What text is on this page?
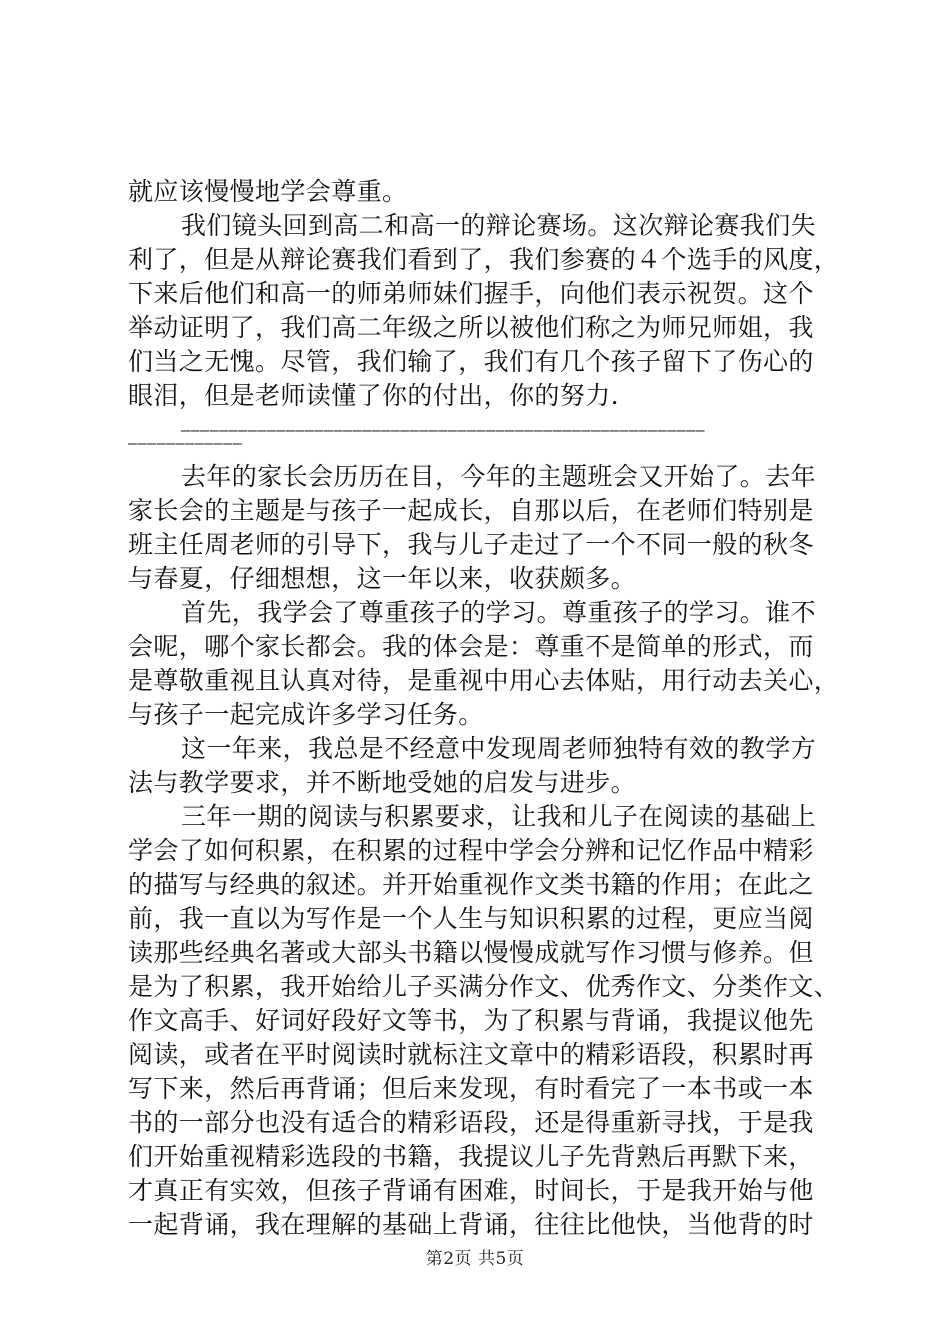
就应该慢慢地学会尊重。
我们镜头回到高二和高一的辩论赛场。这次辩论赛我们失
利了，但是从辩论赛我们看到了，我们参赛的４个选手的风度，
下来后他们和高一的师弟师妹们握手，向他们表示祝贺。这个
举动证明了，我们高二年级之所以被他们称之为师兄师姐，我
们当之无愧。尽管，我们输了，我们有几个孩子留下了伤心的
眼泪，但是老师读懂了你的付出，你的努力.
———————————————————————————————————————————————————————
————————————
去年的家长会历历在目，今年的主题班会又开始了。去年
家长会的主题是与孩子一起成长，自那以后，在老师们特别是
班主任周老师的引导下，我与儿子走过了一个不同一般的秋冬
与春夏，仔细想想，这一年以来，收获颇多。
首先，我学会了尊重孩子的学习。尊重孩子的学习。谁不
会呢，哪个家长都会。我的体会是：尊重不是简单的形式，而
是尊敬重视且认真对待，是重视中用心去体贴，用行动去关心，
与孩子一起完成许多学习任务。
这一年来，我总是不经意中发现周老师独特有效的教学方
法与教学要求，并不断地受她的启发与进步。
三年一期的阅读与积累要求，让我和儿子在阅读的基础上
学会了如何积累，在积累的过程中学会分辨和记忆作品中精彩
的描写与经典的叙述。并开始重视作文类书籍的作用；在此之
前，我一直以为写作是一个人生与知识积累的过程，更应当阅
读那些经典名著或大部头书籍以慢慢成就写作习惯与修养。但
是为了积累，我开始给儿子买满分作文、优秀作文、分类作文、
作文高手、好词好段好文等书，为了积累与背诵，我提议他先
阅读，或者在平时阅读时就标注文章中的精彩语段，积累时再
写下来，然后再背诵；但后来发现，有时看完了一本书或一本
书的一部分也没有适合的精彩语段，还是得重新寻找，于是我
们开始重视精彩选段的书籍，我提议儿子先背熟后再默下来，
才真正有实效，但孩子背诵有困难，时间长，于是我开始与他
一起背诵，我在理解的基础上背诵，往往比他快，当他背的时
第2页 共5页
